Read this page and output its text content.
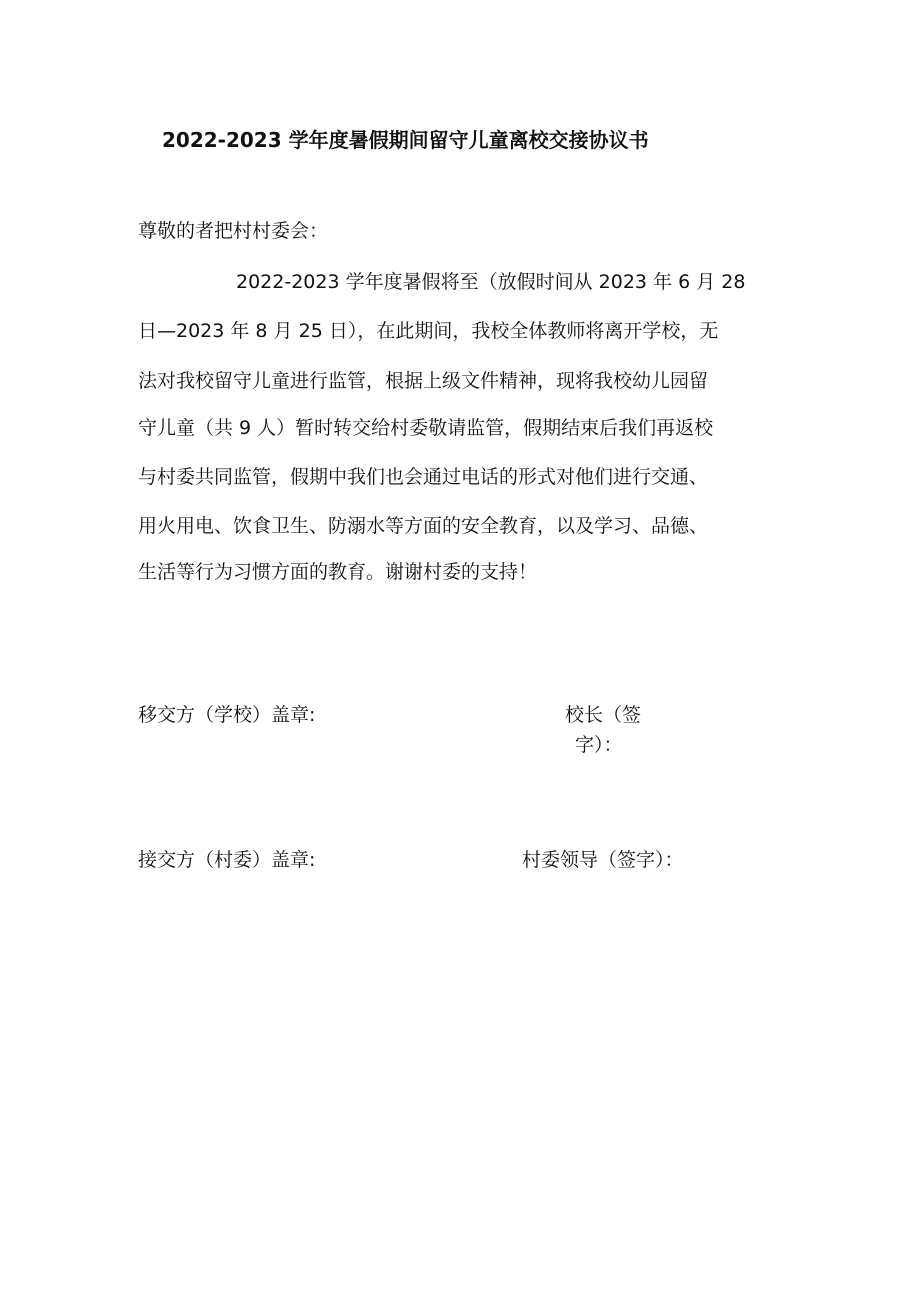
2022-2023 学年度暑假期间留守儿童离校交接协议书
尊敬的者把村村委会：
2022-2023 学年度暑假将至（放假时间从 2023 年 6 月 28
日—2023 年 8 月 25 日），在此期间，我校全体教师将离开学校，无
法对我校留守儿童进行监管，根据上级文件精神，现将我校幼儿园留
守儿童（共 9 人）暂时转交给村委敬请监管，假期结束后我们再返校
与村委共同监管，假期中我们也会通过电话的形式对他们进行交通、
用火用电、饮食卫生、防溺水等方面的安全教育，以及学习、品德、
生活等行为习惯方面的教育。谢谢村委的支持！
移交方（学校）盖章:	校长（签
字）：
接交方（村委）盖章:	村委领导（签字）：
